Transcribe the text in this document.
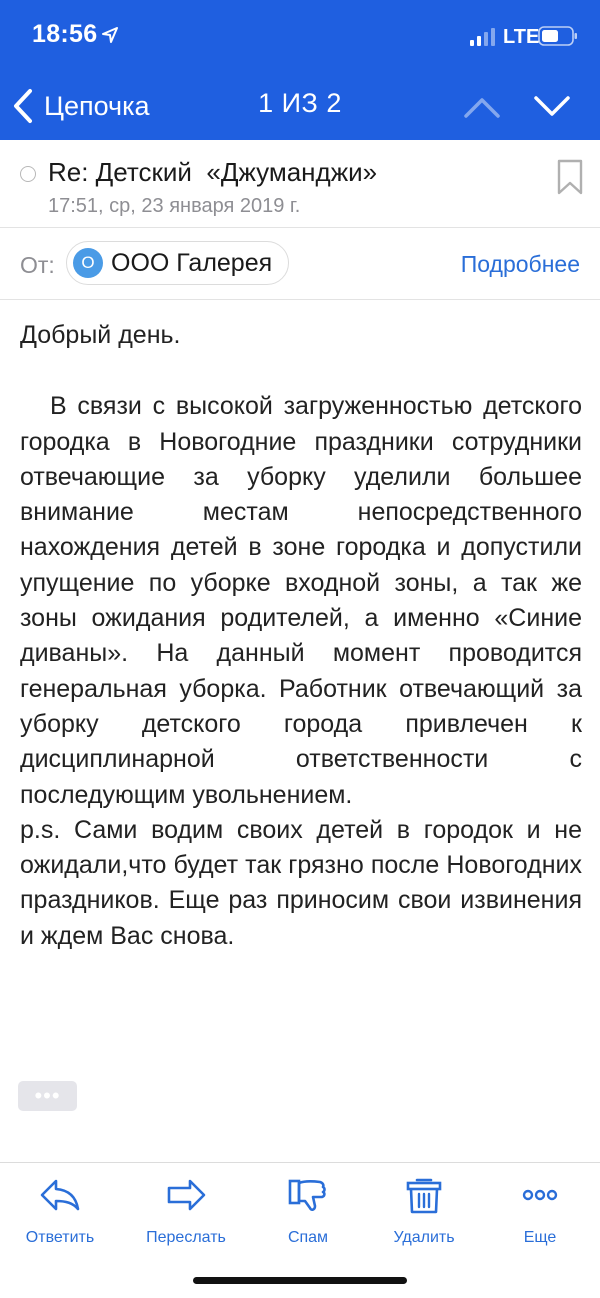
18:56	LTE
Цепочка	1 ИЗ 2
Re: Детский  «Джуманджи»
17:51, ср, 23 января 2019 г.
От:	О ООО Галерея	Подробнее
Добрый день.
В связи с высокой загруженностью детского городка в Новогодние праздники сотрудники отвечающие за уборку уделили большее внимание местам непосредственного нахождения детей в зоне городка и допустили упущение по уборке входной зоны, а так же зоны ожидания родителей, а именно «Синие диваны». На данный момент проводится генеральная уборка. Работник отвечающий за уборку детского города привлечен к дисциплинарной ответственности с последующим увольнением.
p.s. Сами водим своих детей в городок и не ожидали,что будет так грязно после Новогодних праздников. Еще раз приносим свои извинения и ждем Вас снова.
•••
Ответить	Переслать	Спам	Удалить	Еще
